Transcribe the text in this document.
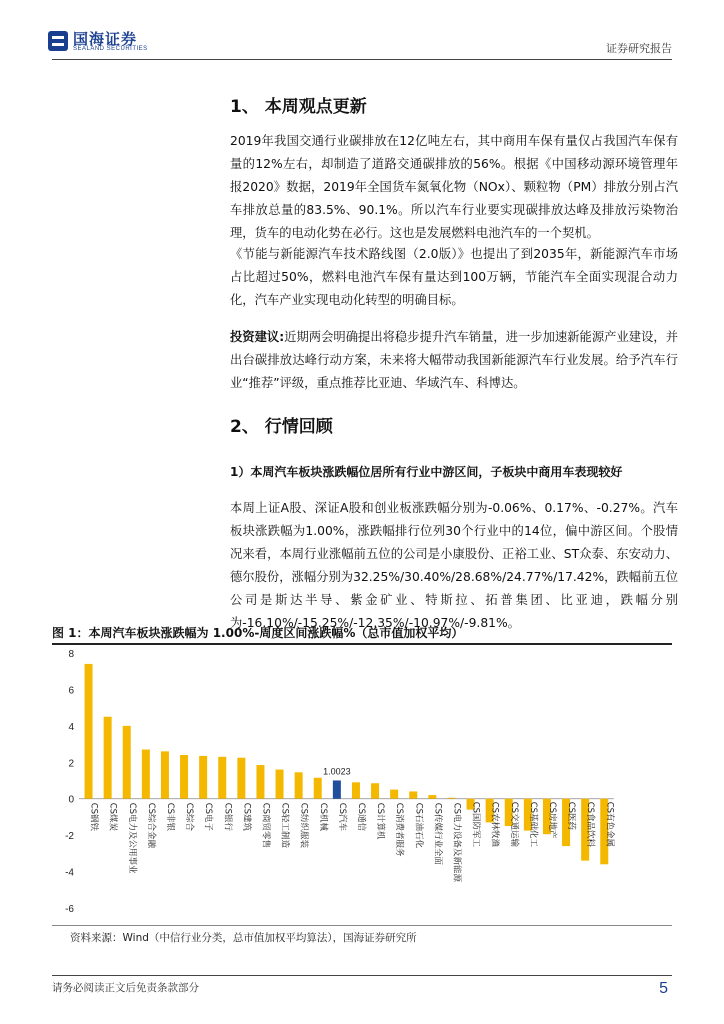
国海证券
SEALAND SECURITIES	证券研究报告
1、 本周观点更新
2019年我国交通行业碳排放在12亿吨左右，其中商用车保有量仅占我国汽车保有量的12%左右，却制造了道路交通碳排放的56%。根据《中国移动源环境管理年报2020》数据，2019年全国货车氮氧化物（NOx）、颗粒物（PM）排放分别占汽车排放总量的83.5%、90.1%。所以汽车行业要实现碳排放达峰及排放污染物治理，货车的电动化势在必行。这也是发展燃料电池汽车的一个契机。
《节能与新能源汽车技术路线图（2.0版）》也提出了到2035年，新能源汽车市场占比超过50%，燃料电池汽车保有量达到100万辆，节能汽车全面实现混合动力化，汽车产业实现电动化转型的明确目标。
投资建议:近期两会明确提出将稳步提升汽车销量，进一步加速新能源产业建设，并出台碳排放达峰行动方案，未来将大幅带动我国新能源汽车行业发展。给予汽车行业“推荐”评级，重点推荐比亚迪、华域汽车、科博达。
2、 行情回顾
1）本周汽车板块涨跌幅位居所有行业中游区间，子板块中商用车表现较好
本周上证A股、深证A股和创业板涨跌幅分别为-0.06%、0.17%、-0.27%。汽车板块涨跌幅为1.00%，涨跌幅排行位列30个行业中的14位，偏中游区间。个股情况来看，本周行业涨幅前五位的公司是小康股份、正裕工业、ST众泰、东安动力、德尔股份，涨幅分别为32.25%/30.40%/28.68%/24.77%/17.42%，跌幅前五位公司是斯达半导、紫金矿业、特斯拉、拓普集团、比亚迪，跌幅分别为-16.10%/-15.25%/-12.35%/-10.97%/-9.81%。
图 1：本周汽车板块涨跌幅为 1.00%-周度区间涨跌幅%（总市值加权平均）
-6
-4
-2
0
2
4
6
8
CS钢铁 CS煤炭 CS电力及公用事业 CS综合金融 CS非银 CS综合 CS电子 CS银行 CS建筑 CS商贸零售 CS轻工制造 CS纺织服装 CS机械 CS汽车 CS通信 CS计算机 CS消费者服务 CS石油石化 CS传媒行业全面 CS电力设备及新能源 CS国防军工 CS农林牧渔 CS交通运输 CS基础化工 CS房地产 CS医药 CS食品饮料 CS有色金属
1.0023
资料来源：Wind（中信行业分类，总市值加权平均算法），国海证券研究所
请务必阅读正文后免责条款部分	5
